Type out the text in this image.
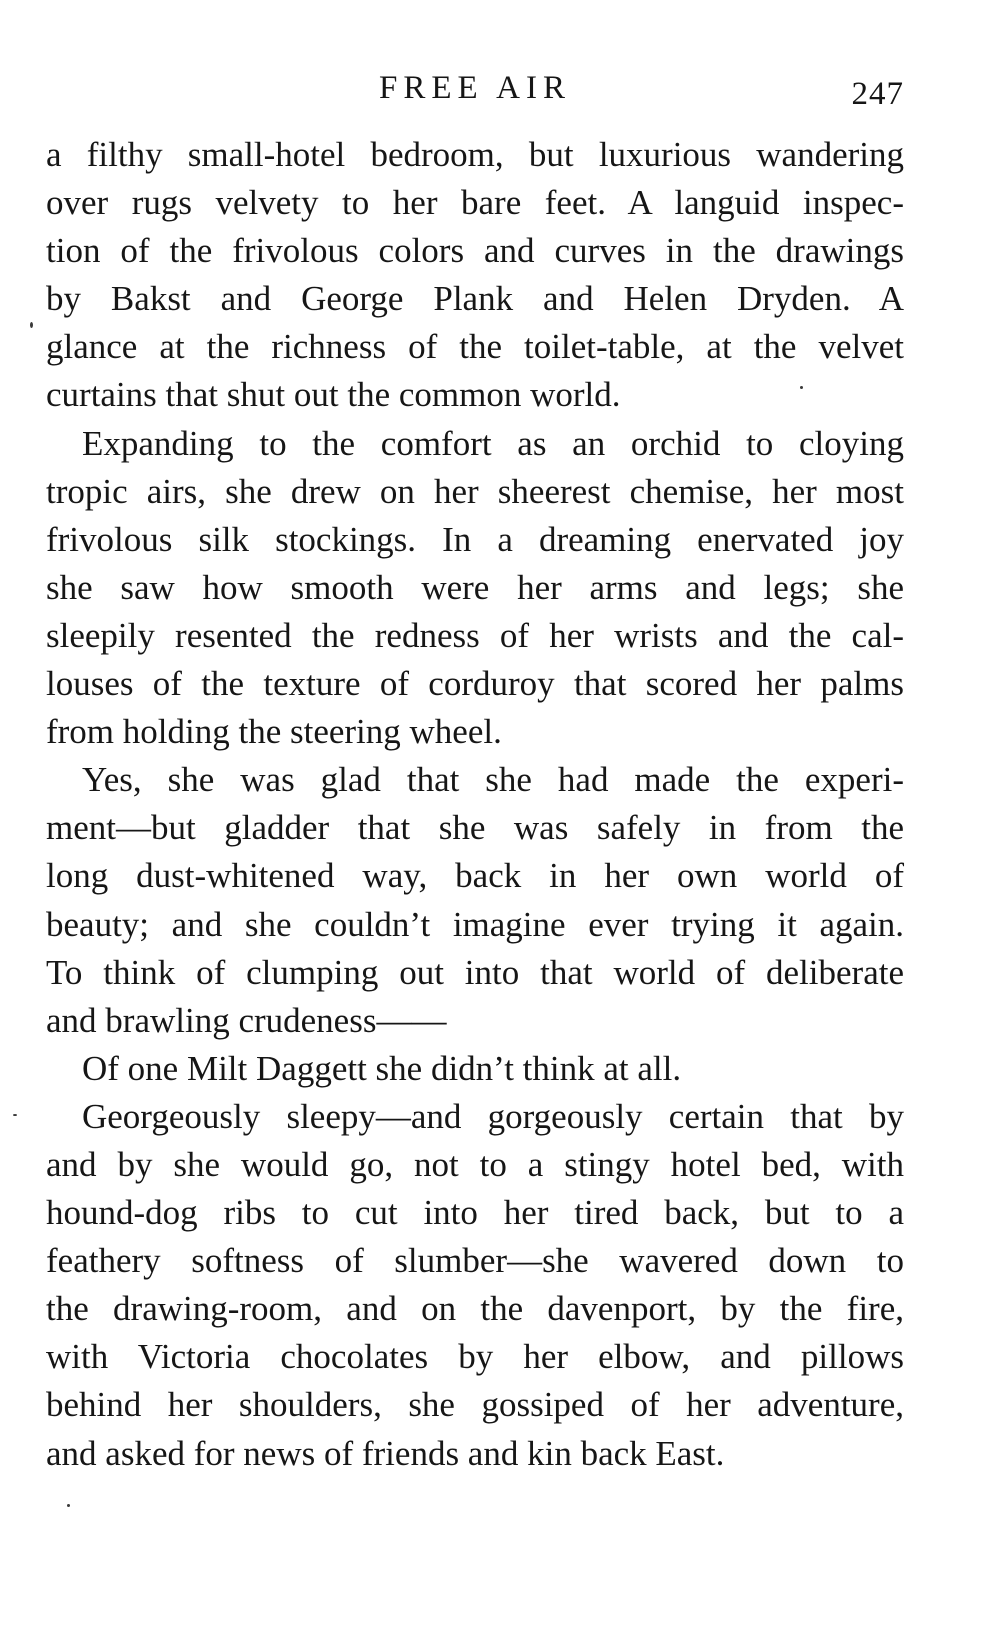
FREE AIR	247
a filthy small-hotel bedroom, but luxurious wandering
over rugs velvety to her bare feet. A languid inspec-
tion of the frivolous colors and curves in the drawings
by Bakst and George Plank and Helen Dryden. A
glance at the richness of the toilet-table, at the velvet
curtains that shut out the common world.
Expanding to the comfort as an orchid to cloying
tropic airs, she drew on her sheerest chemise, her most
frivolous silk stockings. In a dreaming enervated joy
she saw how smooth were her arms and legs; she
sleepily resented the redness of her wrists and the cal-
louses of the texture of corduroy that scored her palms
from holding the steering wheel.
Yes, she was glad that she had made the experi-
ment—but gladder that she was safely in from the
long dust-whitened way, back in her own world of
beauty; and she couldn’t imagine ever trying it again.
To think of clumping out into that world of deliberate
and brawling crudeness——
Of one Milt Daggett she didn’t think at all.
Georgeously sleepy—and gorgeously certain that by
and by she would go, not to a stingy hotel bed, with
hound-dog ribs to cut into her tired back, but to a
feathery softness of slumber—she wavered down to
the drawing-room, and on the davenport, by the fire,
with Victoria chocolates by her elbow, and pillows
behind her shoulders, she gossiped of her adventure,
and asked for news of friends and kin back East.
